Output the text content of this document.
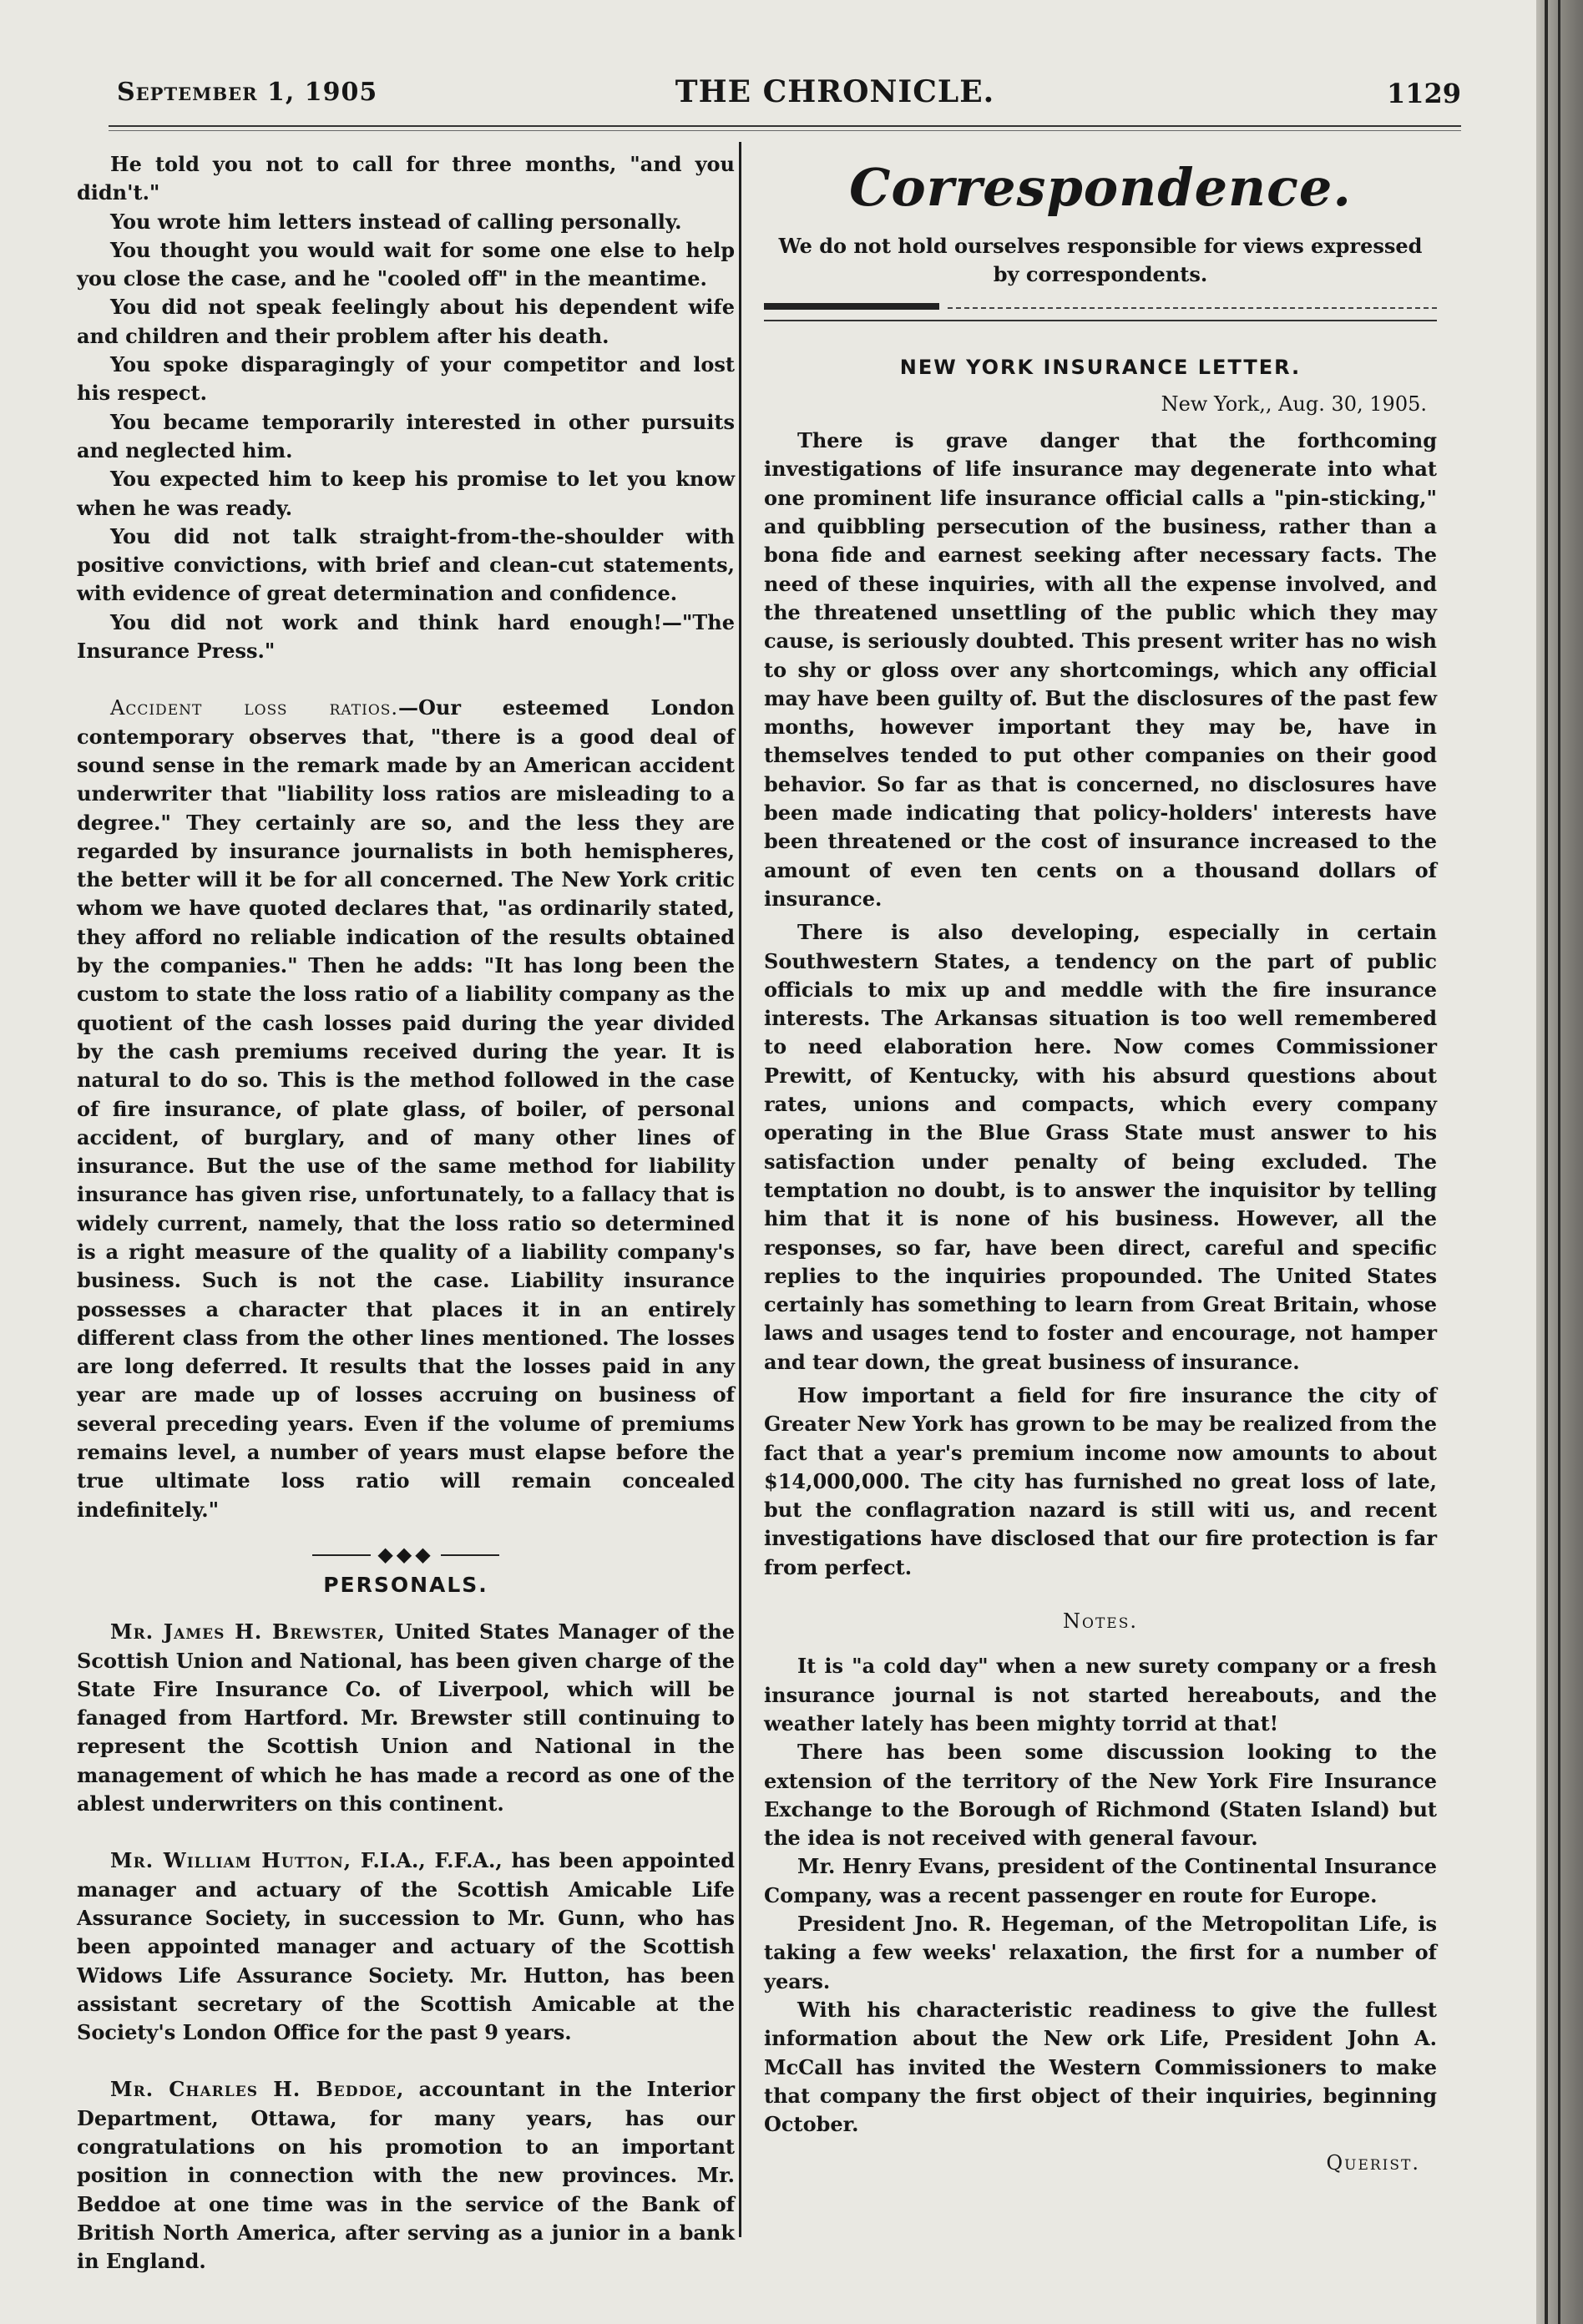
September 1, 1905	THE CHRONICLE.	1129

He told you not to call for three months, "and you didn't."

You wrote him letters instead of calling personally.

You thought you would wait for some one else to help you close the case, and he "cooled off" in the meantime.

You did not speak feelingly about his dependent wife and children and their problem after his death.

You spoke disparagingly of your competitor and lost his respect.

You became temporarily interested in other pursuits and neglected him.

You expected him to keep his promise to let you know when he was ready.

You did not talk straight-from-the-shoulder with positive convictions, with brief and clean-cut statements, with evidence of great determination and confidence.

You did not work and think hard enough!—"The Insurance Press."

Accident loss ratios.—Our esteemed London contemporary observes that, "there is a good deal of sound sense in the remark made by an American accident underwriter that "liability loss ratios are misleading to a degree." They certainly are so, and the less they are regarded by insurance journalists in both hemispheres, the better will it be for all concerned. The New York critic whom we have quoted declares that, "as ordinarily stated, they afford no reliable indication of the results obtained by the companies." Then he adds: "It has long been the custom to state the loss ratio of a liability company as the quotient of the cash losses paid during the year divided by the cash premiums received during the year. It is natural to do so. This is the method followed in the case of fire insurance, of plate glass, of boiler, of personal accident, of burglary, and of many other lines of insurance. But the use of the same method for liability insurance has given rise, unfortunately, to a fallacy that is widely current, namely, that the loss ratio so determined is a right measure of the quality of a liability company's business. Such is not the case. Liability insurance possesses a character that places it in an entirely different class from the other lines mentioned. The losses are long deferred. It results that the losses paid in any year are made up of losses accruing on business of several preceding years. Even if the volume of premiums remains level, a number of years must elapse before the true ultimate loss ratio will remain concealed indefinitely."

◆◆◆
PERSONALS.

Mr. James H. Brewster, United States Manager of the Scottish Union and National, has been given charge of the State Fire Insurance Co. of Liverpool, which will be fanaged from Hartford. Mr. Brewster still continuing to represent the Scottish Union and National in the management of which he has made a record as one of the ablest underwriters on this continent.

Mr. William Hutton, F.I.A., F.F.A., has been appointed manager and actuary of the Scottish Amicable Life Assurance Society, in succession to Mr. Gunn, who has been appointed manager and actuary of the Scottish Widows Life Assurance Society. Mr. Hutton, has been assistant secretary of the Scottish Amicable at the Society's London Office for the past 9 years.

Mr. Charles H. Beddoe, accountant in the Interior Department, Ottawa, for many years, has our congratulations on his promotion to an important position in connection with the new provinces. Mr. Beddoe at one time was in the service of the Bank of British North America, after serving as a junior in a bank in England.

Correspondence.

We do not hold ourselves responsible for views expressed by correspondents.

NEW YORK INSURANCE LETTER.
New York,, Aug. 30, 1905.

There is grave danger that the forthcoming investigations of life insurance may degenerate into what one prominent life insurance official calls a "pin-sticking," and quibbling persecution of the business, rather than a bona fide and earnest seeking after necessary facts. The need of these inquiries, with all the expense involved, and the threatened unsettling of the public which they may cause, is seriously doubted. This present writer has no wish to shy or gloss over any shortcomings, which any official may have been guilty of. But the disclosures of the past few months, however important they may be, have in themselves tended to put other companies on their good behavior. So far as that is concerned, no disclosures have been made indicating that policy-holders' interests have been threatened or the cost of insurance increased to the amount of even ten cents on a thousand dollars of insurance.

There is also developing, especially in certain Southwestern States, a tendency on the part of public officials to mix up and meddle with the fire insurance interests. The Arkansas situation is too well remembered to need elaboration here. Now comes Commissioner Prewitt, of Kentucky, with his absurd questions about rates, unions and compacts, which every company operating in the Blue Grass State must answer to his satisfaction under penalty of being excluded. The temptation no doubt, is to answer the inquisitor by telling him that it is none of his business. However, all the responses, so far, have been direct, careful and specific replies to the inquiries propounded. The United States certainly has something to learn from Great Britain, whose laws and usages tend to foster and encourage, not hamper and tear down, the great business of insurance.

How important a field for fire insurance the city of Greater New York has grown to be may be realized from the fact that a year's premium income now amounts to about $14,000,000. The city has furnished no great loss of late, but the conflagration nazard is still witi us, and recent investigations have disclosed that our fire protection is far from perfect.

Notes.

It is "a cold day" when a new surety company or a fresh insurance journal is not started hereabouts, and the weather lately has been mighty torrid at that!

There has been some discussion looking to the extension of the territory of the New York Fire Insurance Exchange to the Borough of Richmond (Staten Island) but the idea is not received with general favour.

Mr. Henry Evans, president of the Continental Insurance Company, was a recent passenger en route for Europe.

President Jno. R. Hegeman, of the Metropolitan Life, is taking a few weeks' relaxation, the first for a number of years.

With his characteristic readiness to give the fullest information about the New ork Life, President John A. McCall has invited the Western Commissioners to make that company the first object of their inquiries, beginning October.

Querist.
